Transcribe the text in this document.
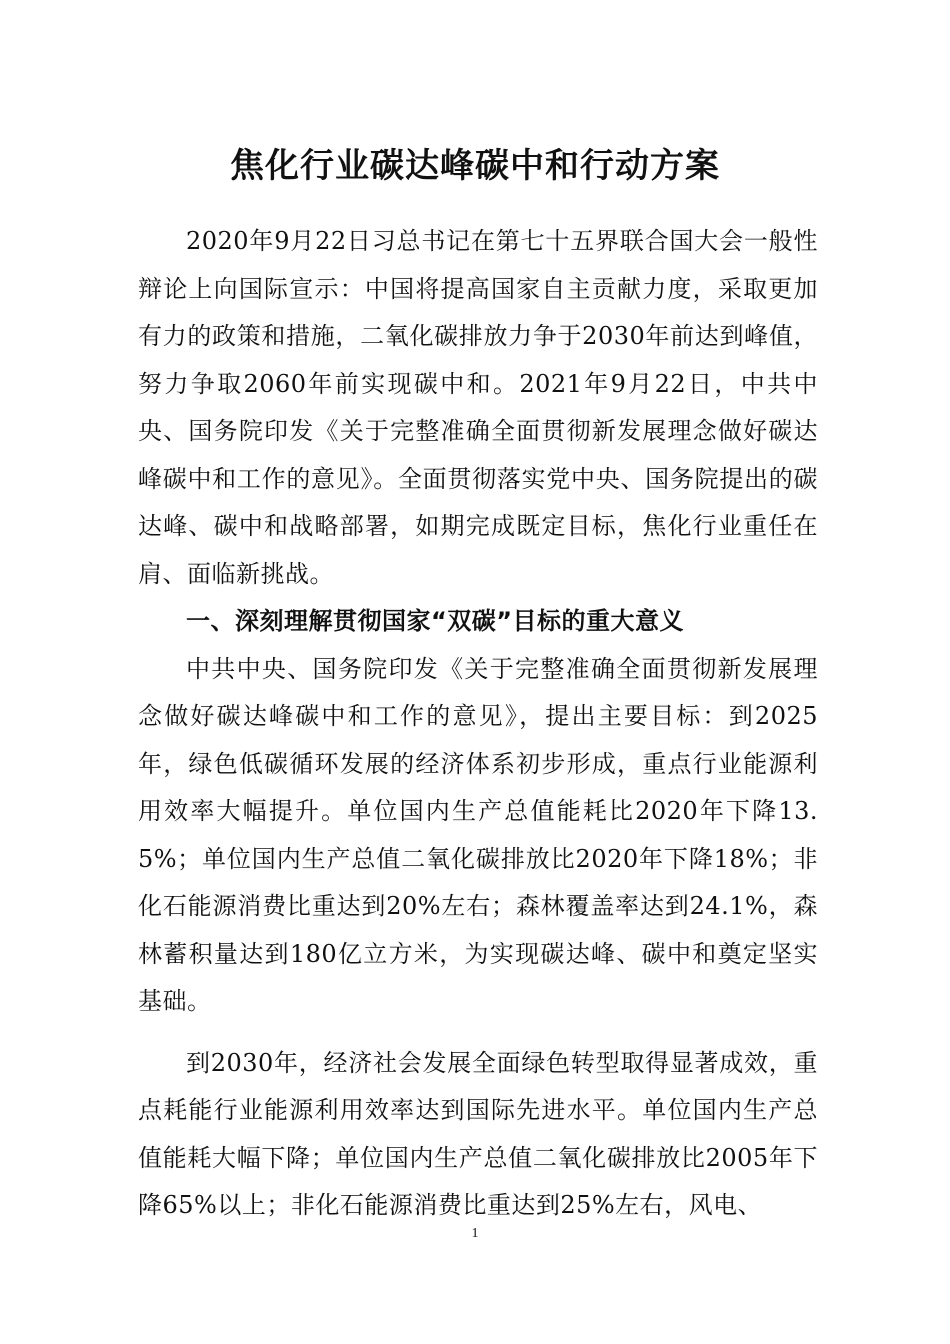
焦化行业碳达峰碳中和行动方案

2020年9月22日习总书记在第七十五界联合国大会一般性辩论上向国际宣示：中国将提高国家自主贡献力度，采取更加有力的政策和措施，二氧化碳排放力争于2030年前达到峰值，努力争取2060年前实现碳中和。2021年9月22日，中共中央、国务院印发《关于完整准确全面贯彻新发展理念做好碳达峰碳中和工作的意见》。全面贯彻落实党中央、国务院提出的碳达峰、碳中和战略部署，如期完成既定目标，焦化行业重任在肩、面临新挑战。

一、深刻理解贯彻国家“双碳”目标的重大意义

中共中央、国务院印发《关于完整准确全面贯彻新发展理念做好碳达峰碳中和工作的意见》，提出主要目标：到2025年，绿色低碳循环发展的经济体系初步形成，重点行业能源利用效率大幅提升。单位国内生产总值能耗比2020年下降13.5%；单位国内生产总值二氧化碳排放比2020年下降18%；非化石能源消费比重达到20%左右；森林覆盖率达到24.1%，森林蓄积量达到180亿立方米，为实现碳达峰、碳中和奠定坚实基础。

到2030年，经济社会发展全面绿色转型取得显著成效，重点耗能行业能源利用效率达到国际先进水平。单位国内生产总值能耗大幅下降；单位国内生产总值二氧化碳排放比2005年下降65%以上；非化石能源消费比重达到25%左右，风电、

1
